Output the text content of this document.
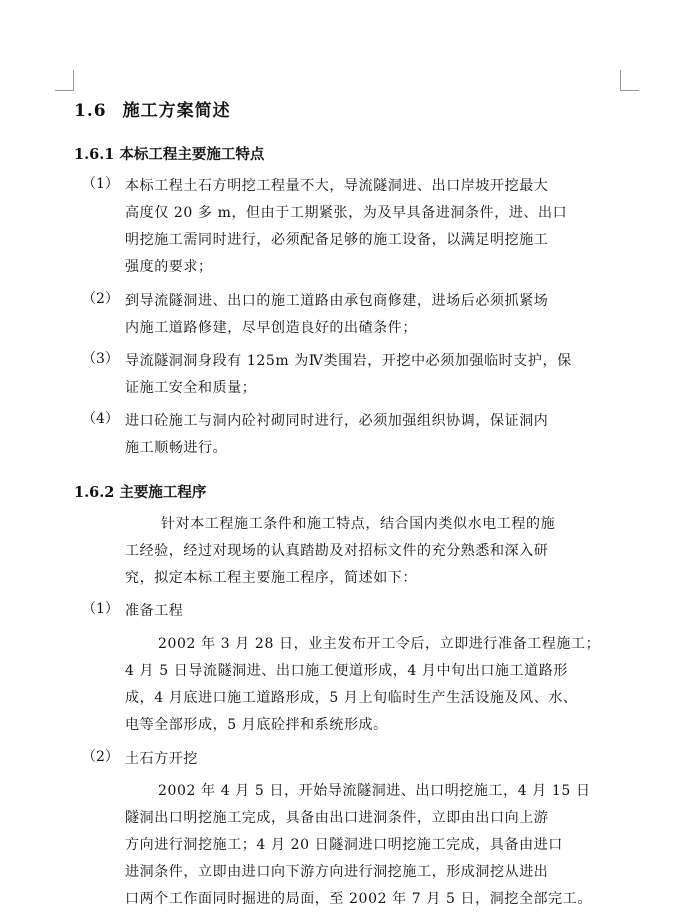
1.6 施工方案简述
1.6.1 本标工程主要施工特点
（1） 本标工程土石方明挖工程量不大，导流隧洞进、出口岸坡开挖最大
高度仅 20 多 m，但由于工期紧张，为及早具备进洞条件，进、出口
明挖施工需同时进行，必须配备足够的施工设备，以满足明挖施工
强度的要求；
（2） 到导流隧洞进、出口的施工道路由承包商修建，进场后必须抓紧场
内施工道路修建，尽早创造良好的出碴条件；
（3） 导流隧洞洞身段有 125m 为Ⅳ类围岩，开挖中必须加强临时支护，保
证施工安全和质量；
（4） 进口砼施工与洞内砼衬砌同时进行，必须加强组织协调，保证洞内
施工顺畅进行。
1.6.2 主要施工程序
针对本工程施工条件和施工特点，结合国内类似水电工程的施
工经验，经过对现场的认真踏勘及对招标文件的充分熟悉和深入研
究，拟定本标工程主要施工程序，简述如下：
（1） 准备工程
2002 年 3 月 28 日，业主发布开工令后，立即进行准备工程施工；
4 月 5 日导流隧洞进、出口施工便道形成，4 月中旬出口施工道路形
成，4 月底进口施工道路形成，5 月上旬临时生产生活设施及风、水、
电等全部形成，5 月底砼拌和系统形成。
（2） 土石方开挖
2002 年 4 月 5 日，开始导流隧洞进、出口明挖施工，4 月 15 日
隧洞出口明挖施工完成，具备由出口进洞条件，立即由出口向上游
方向进行洞挖施工；4 月 20 日隧洞进口明挖施工完成，具备由进口
进洞条件，立即由进口向下游方向进行洞挖施工，形成洞挖从进出
口两个工作面同时掘进的局面，至 2002 年 7 月 5 日，洞挖全部完工。
